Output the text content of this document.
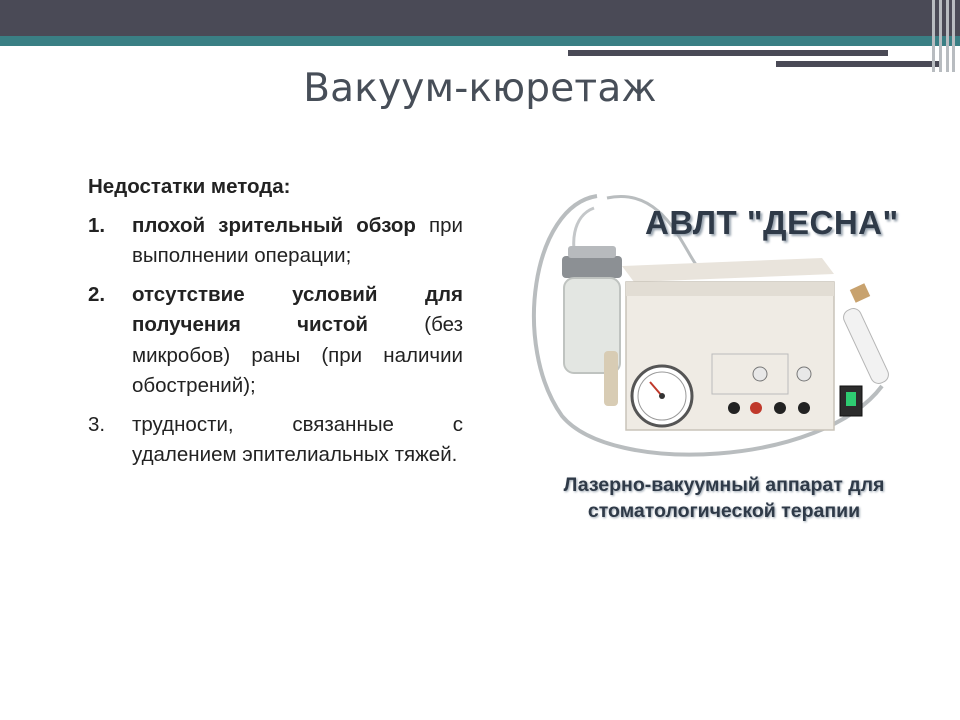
Вакуум-кюретаж
Недостатки метода:
1.	плохой зрительный обзор при выполнении операции;
2.	отсутствие условий для получения чистой (без микробов) раны (при наличии обострений);
3.	трудности, связанные с удалением эпителиальных тяжей.
АВЛТ "ДЕСНА"
Лазерно-вакуумный аппарат для
стоматологической терапии
